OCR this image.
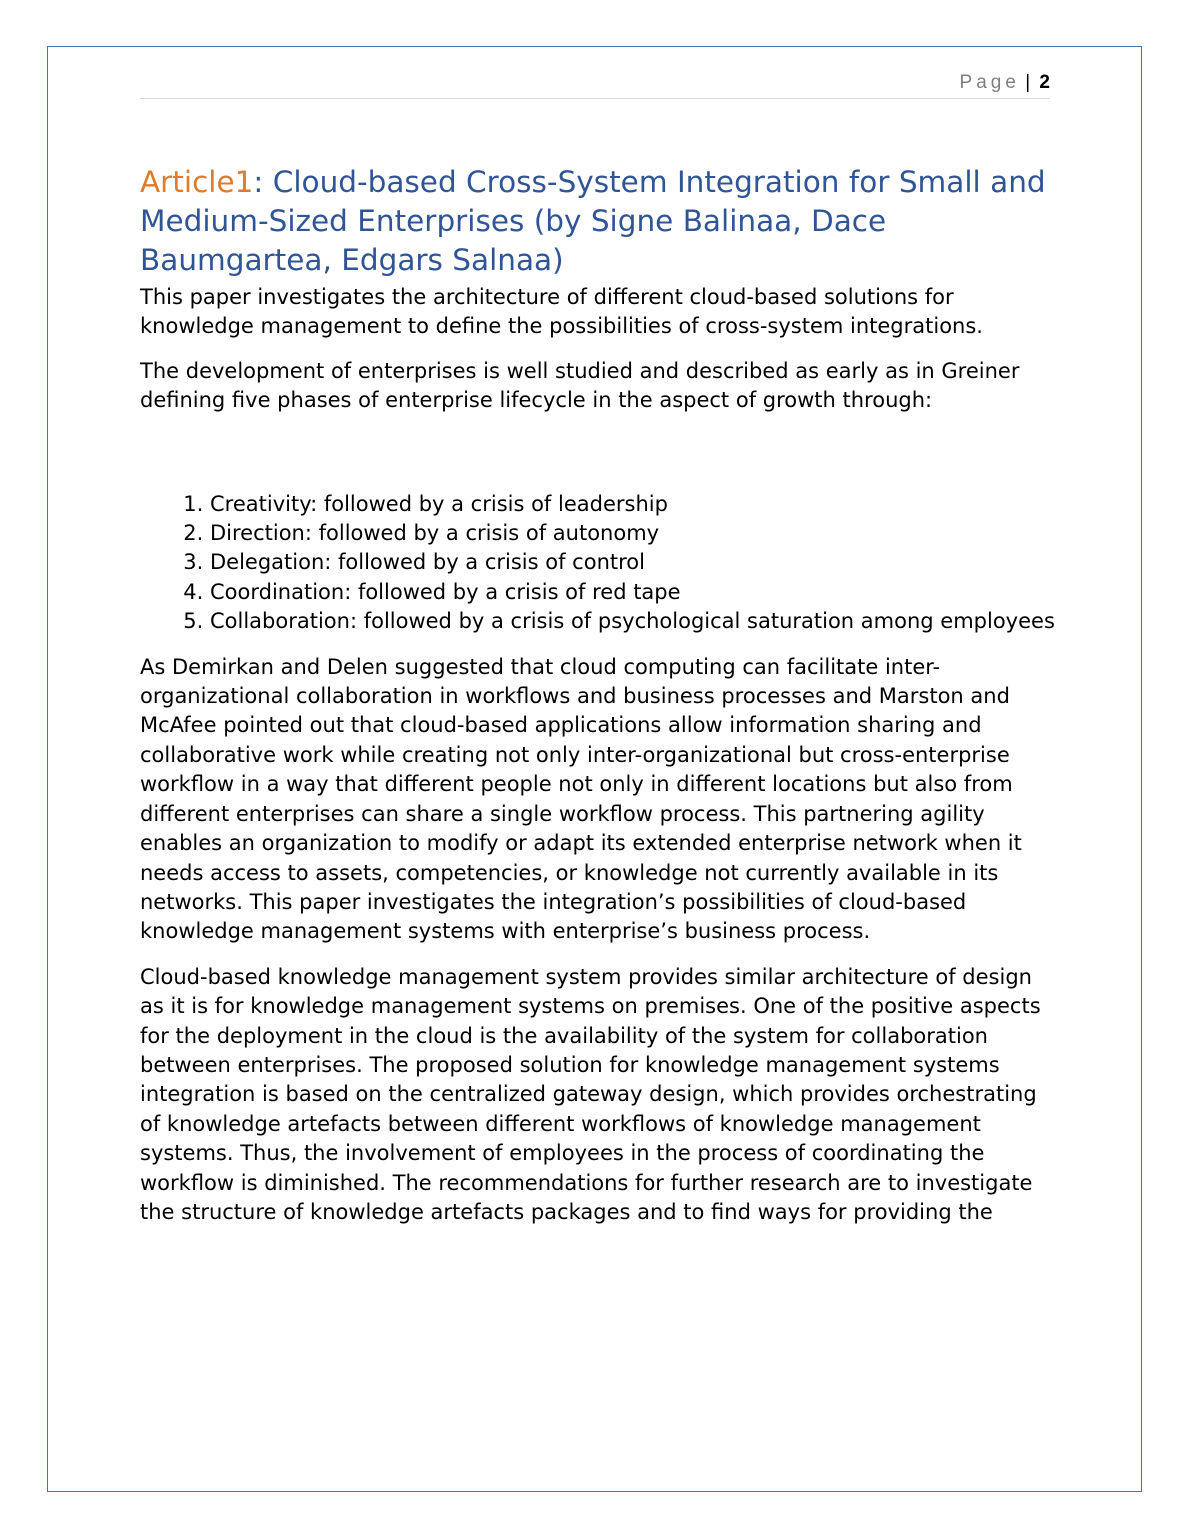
Page | 2
Article1: Cloud-based Cross-System Integration for Small and Medium-Sized Enterprises (by Signe Balinaa, Dace Baumgartea, Edgars Salnaa)

This paper investigates the architecture of different cloud-based solutions for knowledge management to define the possibilities of cross-system integrations.

The development of enterprises is well studied and described as early as in Greiner defining five phases of enterprise lifecycle in the aspect of growth through:

1. Creativity: followed by a crisis of leadership
2. Direction: followed by a crisis of autonomy
3. Delegation: followed by a crisis of control
4. Coordination: followed by a crisis of red tape
5. Collaboration: followed by a crisis of psychological saturation among employees

As Demirkan and Delen suggested that cloud computing can facilitate inter-organizational collaboration in workflows and business processes and Marston and McAfee pointed out that cloud-based applications allow information sharing and collaborative work while creating not only inter-organizational but cross-enterprise workflow in a way that different people not only in different locations but also from different enterprises can share a single workflow process. This partnering agility enables an organization to modify or adapt its extended enterprise network when it needs access to assets, competencies, or knowledge not currently available in its networks. This paper investigates the integration’s possibilities of cloud-based knowledge management systems with enterprise’s business process.

Cloud-based knowledge management system provides similar architecture of design as it is for knowledge management systems on premises. One of the positive aspects for the deployment in the cloud is the availability of the system for collaboration between enterprises. The proposed solution for knowledge management systems integration is based on the centralized gateway design, which provides orchestrating of knowledge artefacts between different workflows of knowledge management systems. Thus, the involvement of employees in the process of coordinating the workflow is diminished. The recommendations for further research are to investigate the structure of knowledge artefacts packages and to find ways for providing the
